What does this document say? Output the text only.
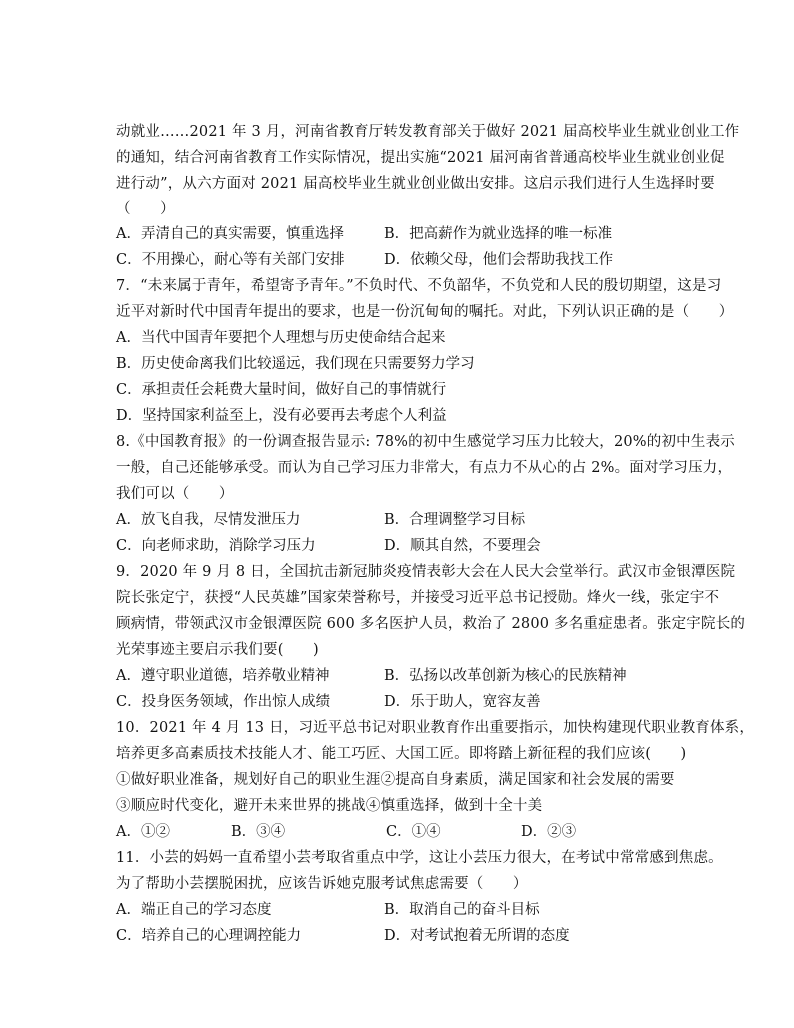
动就业……2021 年 3 月，河南省教育厅转发教育部关于做好 2021 届高校毕业生就业创业工作
的通知，结合河南省教育工作实际情况，提出实施“2021 届河南省普通高校毕业生就业创业促
进行动”，从六方面对 2021 届高校毕业生就业创业做出安排。这启示我们进行人生选择时要
（　　）
A．弄清自己的真实需要，慎重选择	B．把高薪作为就业选择的唯一标准
C．不用操心，耐心等有关部门安排	D．依赖父母，他们会帮助我找工作
7．“未来属于青年，希望寄予青年。”不负时代、不负韶华，不负党和人民的殷切期望，这是习
近平对新时代中国青年提出的要求，也是一份沉甸甸的嘱托。对此，下列认识正确的是（　　）
A．当代中国青年要把个人理想与历史使命结合起来
B．历史使命离我们比较遥远，我们现在只需要努力学习
C．承担责任会耗费大量时间，做好自己的事情就行
D．坚持国家利益至上，没有必要再去考虑个人利益
8.《中国教育报》的一份调查报告显示: 78%的初中生感觉学习压力比较大，20%的初中生表示
一般，自己还能够承受。而认为自己学习压力非常大，有点力不从心的占 2%。面对学习压力，
我们可以（　　）
A．放飞自我，尽情发泄压力	B．合理调整学习目标
C．向老师求助，消除学习压力	D．顺其自然，不要理会
9．2020 年 9 月 8 日，全国抗击新冠肺炎疫情表彰大会在人民大会堂举行。武汉市金银潭医院
院长张定宁，获授“人民英雄”国家荣誉称号，并接受习近平总书记授勋。烽火一线，张定宇不
顾病情，带领武汉市金银潭医院 600 多名医护人员，救治了 2800 多名重症患者。张定宇院长的
光荣事迹主要启示我们要(　　)
A．遵守职业道德，培养敬业精神	B．弘扬以改革创新为核心的民族精神
C．投身医务领域，作出惊人成绩	D．乐于助人，宽容友善
10．2021 年 4 月 13 日，习近平总书记对职业教育作出重要指示，加快构建现代职业教育体系，
培养更多高素质技术技能人才、能工巧匠、大国工匠。即将踏上新征程的我们应该(　　)
①做好职业准备，规划好自己的职业生涯②提高自身素质，满足国家和社会发展的需要
③顺应时代变化，避开未来世界的挑战④慎重选择，做到十全十美
A．①②	B．③④	C．①④	D．②③
11．小芸的妈妈一直希望小芸考取省重点中学，这让小芸压力很大，在考试中常常感到焦虑。
为了帮助小芸摆脱困扰，应该告诉她克服考试焦虑需要（　　）
A．端正自己的学习态度	B．取消自己的奋斗目标
C．培养自己的心理调控能力	D．对考试抱着无所谓的态度
